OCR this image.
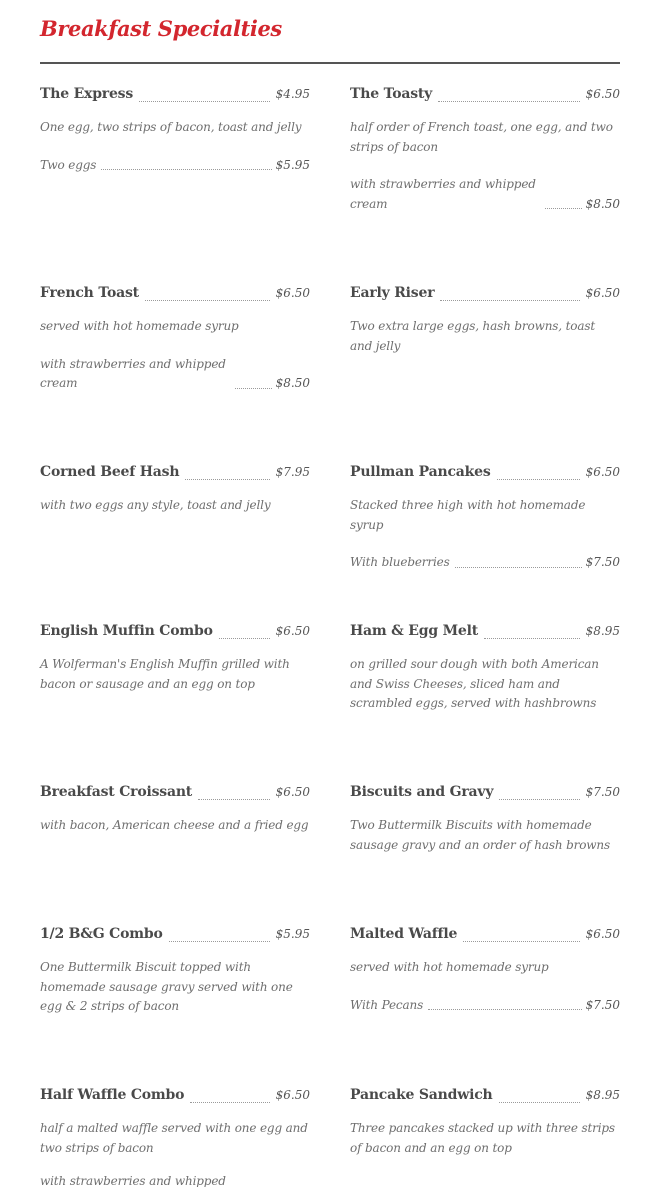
Breakfast Specialties
The Express	$4.95
One egg, two strips of bacon, toast and jelly
Two eggs	$5.95
The Toasty	$6.50
half order of French toast, one egg, and two strips of bacon
with strawberries and whipped cream	$8.50
French Toast	$6.50
served with hot homemade syrup
with strawberries and whipped cream	$8.50
Early Riser	$6.50
Two extra large eggs, hash browns, toast and jelly
Corned Beef Hash	$7.95
with two eggs any style, toast and jelly
Pullman Pancakes	$6.50
Stacked three high with hot homemade syrup
With blueberries	$7.50
English Muffin Combo	$6.50
A Wolferman's English Muffin grilled with bacon or sausage and an egg on top
Ham & Egg Melt	$8.95
on grilled sour dough with both American and Swiss Cheeses, sliced ham and scrambled eggs, served with hashbrowns
Breakfast Croissant	$6.50
with bacon, American cheese and a fried egg
Biscuits and Gravy	$7.50
Two Buttermilk Biscuits with homemade sausage gravy and an order of hash browns
1/2 B&G Combo	$5.95
One Buttermilk Biscuit topped with homemade sausage gravy served with one egg & 2 strips of bacon
Malted Waffle	$6.50
served with hot homemade syrup
With Pecans	$7.50
Half Waffle Combo	$6.50
half a malted waffle served with one egg and two strips of bacon
with strawberries and whipped
Pancake Sandwich	$8.95
Three pancakes stacked up with three strips of bacon and an egg on top
